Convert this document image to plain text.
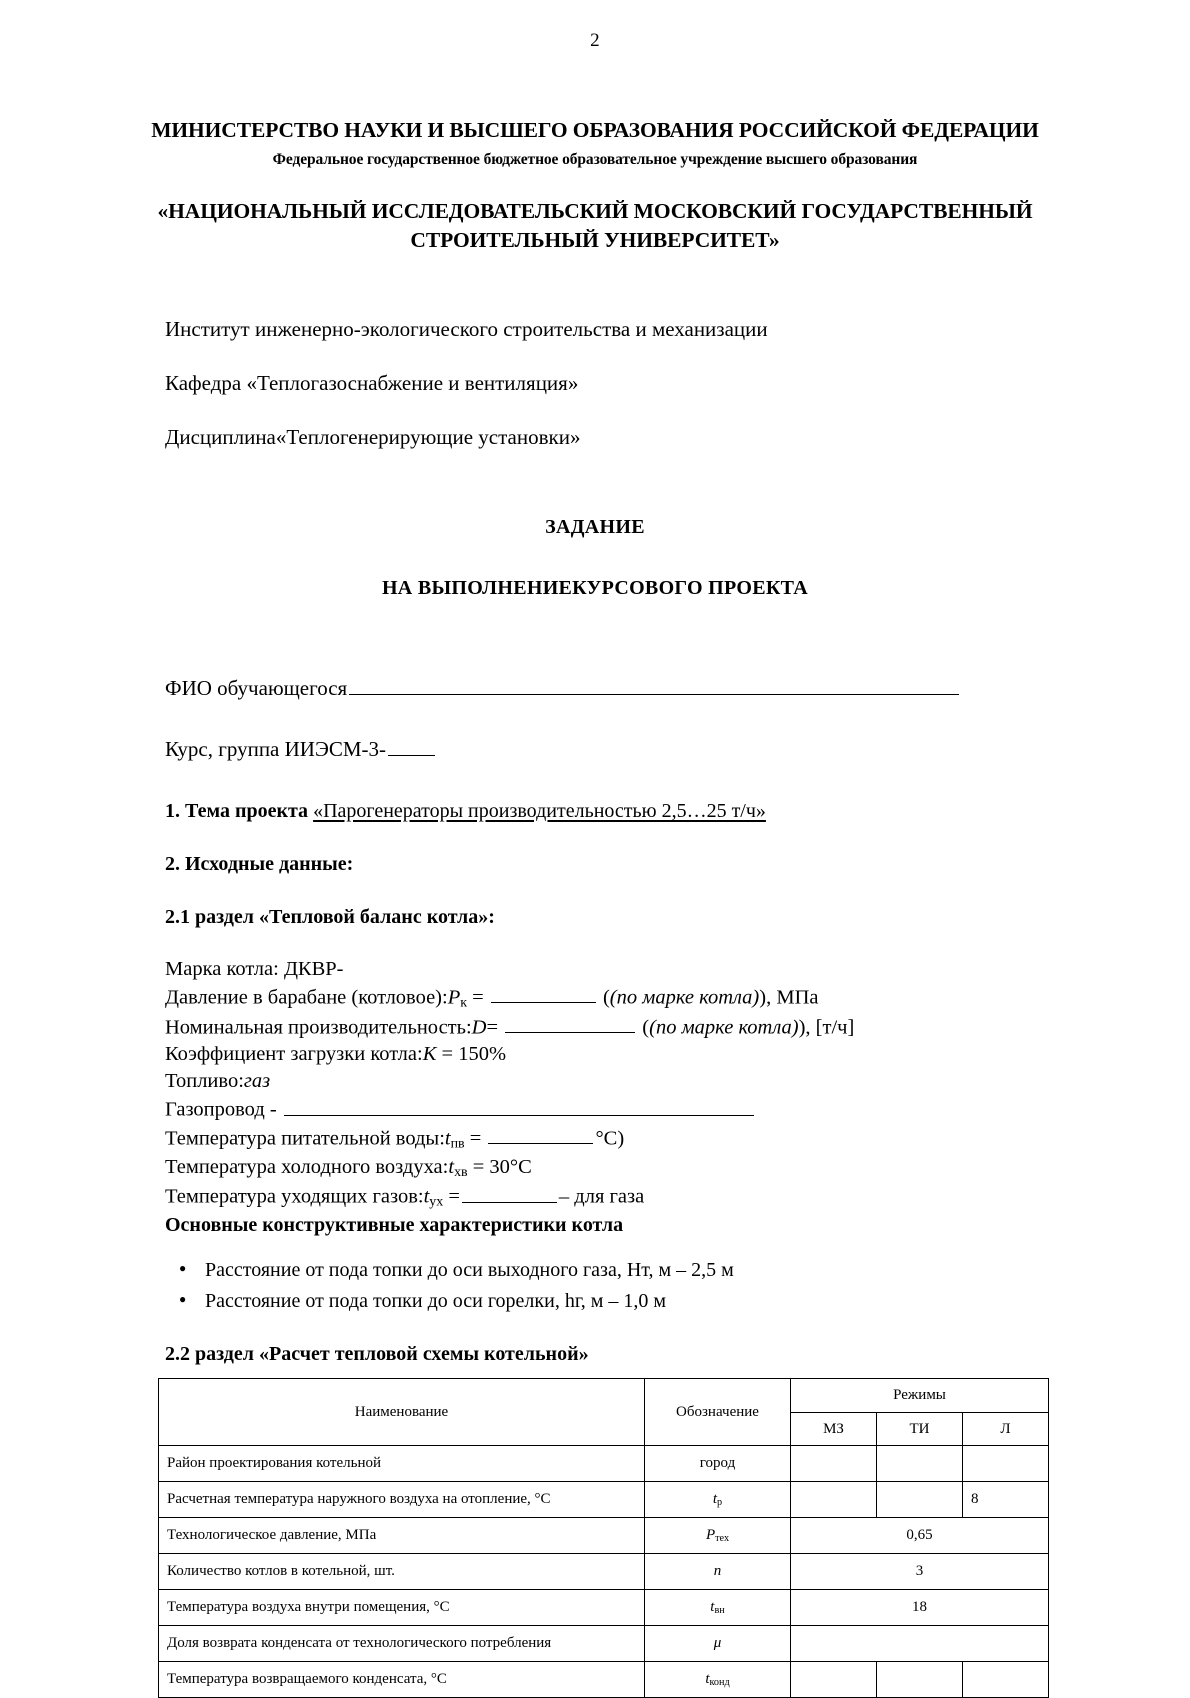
2
МИНИСТЕРСТВО НАУКИ И ВЫСШЕГО ОБРАЗОВАНИЯ РОССИЙСКОЙ ФЕДЕРАЦИИ
Федеральное государственное бюджетное образовательное учреждение высшего образования
«НАЦИОНАЛЬНЫЙ ИССЛЕДОВАТЕЛЬСКИЙ МОСКОВСКИЙ ГОСУДАРСТВЕННЫЙ
СТРОИТЕЛЬНЫЙ УНИВЕРСИТЕТ»
Институт инженерно-экологического строительства и механизации
Кафедра «Теплогазоснабжение и вентиляция»
Дисциплина«Теплогенерирующие установки»
ЗАДАНИЕ
НА ВЫПОЛНЕНИЕКУРСОВОГО ПРОЕКТА
ФИО обучающегося
Курс, группа ИИЭСМ-3-
1. Тема проекта «Парогенераторы производительностью 2,5…25 т/ч»
2. Исходные данные:
2.1 раздел «Тепловой баланс котла»:
Марка котла: ДКВР-
Давление в барабане $(котловое):P_к$ =	((по марке котла)), МПа
Номинальная производительность:D=	((по марке котла)), [т/ч]
Коэффициент загрузки котла:K = 150%
Топливо:газ
Газопровод -
Температура питательной $воды:t_{пв}$ =	°С)
Температура холодного $воздуха:t_{хв} = 30^\circ С$
Температура уходящих $газов:t_{ух}$ =	– для газа
Основные конструктивные характеристики котла
● Расстояние от пода топки до оси выходного газа, Hт, м – 2,5 м
● Расстояние от пода топки до оси горелки, hг, м – 1,0 м
2.2 раздел «Расчет тепловой схемы котельной»
Наименование	Обозначение	Режимы		
		МЗ	ТИ	Л
Район проектирования котельной	город			
Расчетная температура наружного воздуха на отопление, °С	$t_р$			8
Технологическое давление, МПа	$P_{тех}$	0,65		
Количество котлов в котельной, шт.	n	3		
Температура воздуха внутри помещения, °С	$t_{вн}$	18		
Доля возврата конденсата от технологического потребления	μ			
Температура возвращаемого конденсата, °С	$t_{конд}$			
